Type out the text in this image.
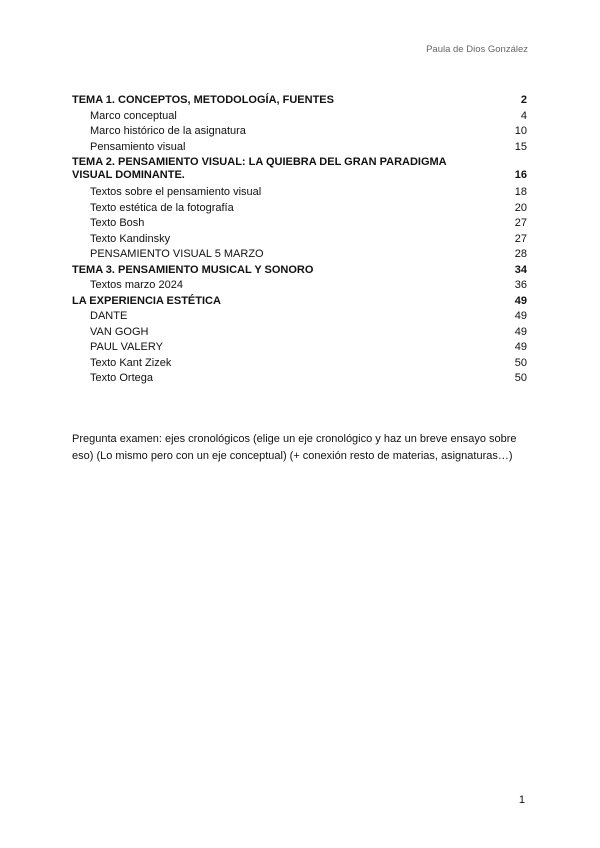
Paula de Dios González
TEMA 1. CONCEPTOS, METODOLOGÍA, FUENTES	2
Marco conceptual	4
Marco histórico de la asignatura	10
Pensamiento visual	15
TEMA 2. PENSAMIENTO VISUAL: LA QUIEBRA DEL GRAN PARADIGMA VISUAL DOMINANTE.	16
Textos sobre el pensamiento visual	18
Texto estética de la fotografía	20
Texto Bosh	27
Texto Kandinsky	27
PENSAMIENTO VISUAL 5 MARZO	28
TEMA 3. PENSAMIENTO MUSICAL Y SONORO	34
Textos marzo 2024	36
LA EXPERIENCIA ESTÉTICA	49
DANTE	49
VAN GOGH	49
PAUL VALERY	49
Texto Kant Zizek	50
Texto Ortega	50

Pregunta examen: ejes cronológicos (elige un eje cronológico y haz un breve ensayo sobre eso) (Lo mismo pero con un eje conceptual) (+ conexión resto de materias, asignaturas…)

1
